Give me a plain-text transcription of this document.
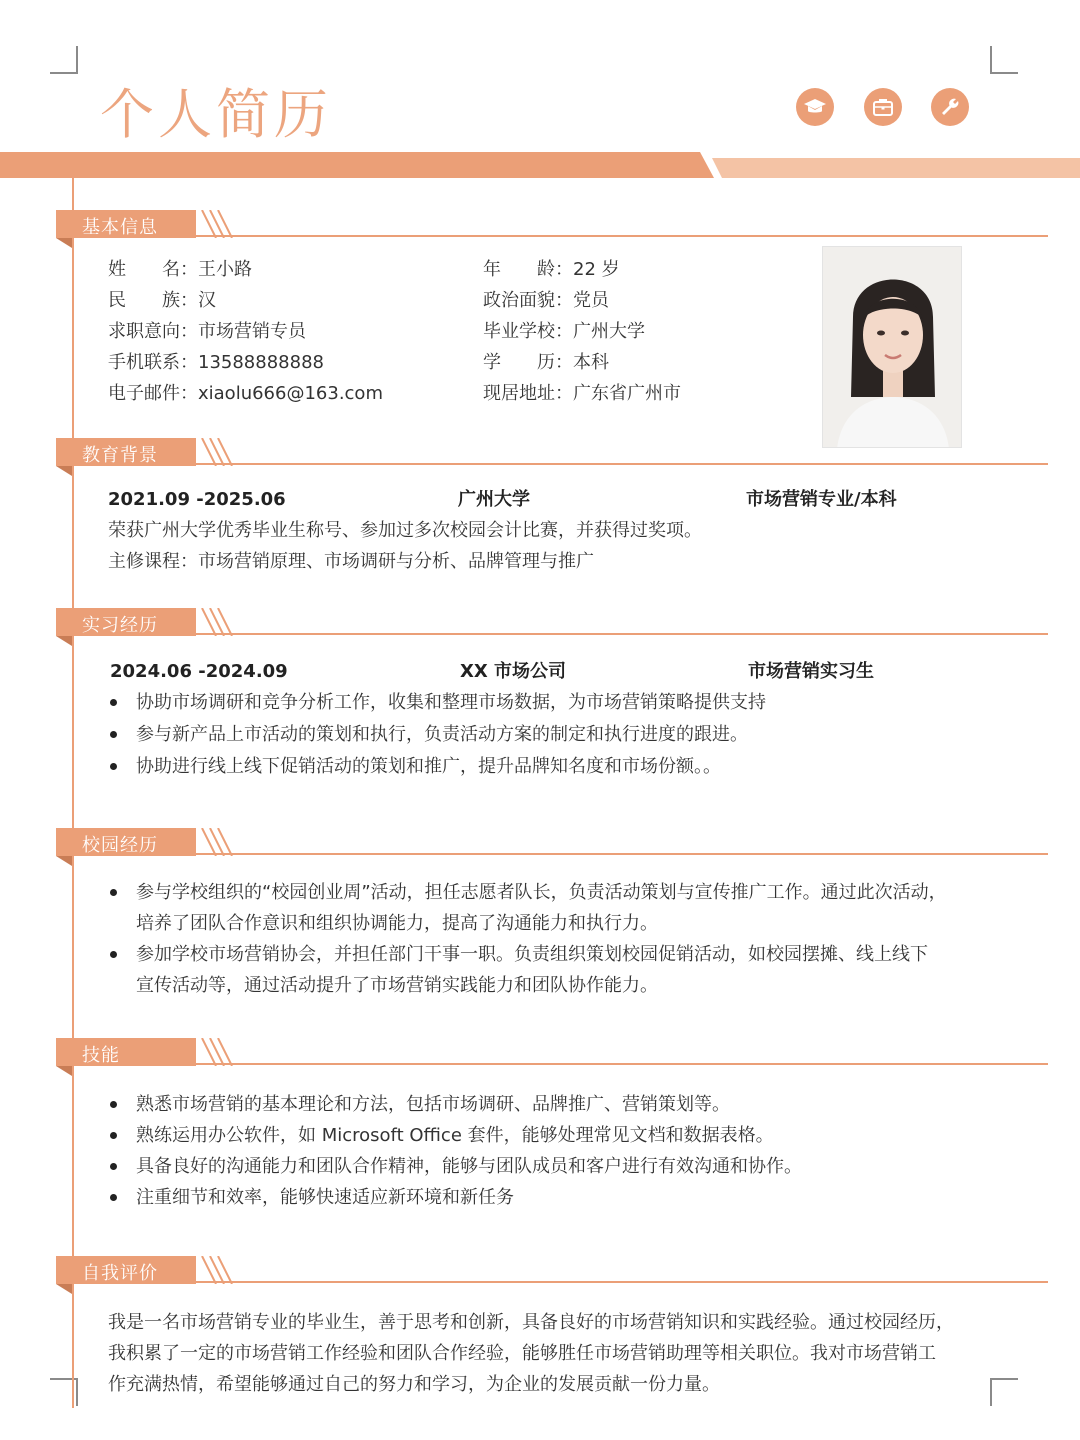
个人简历
基本信息
姓　　名：王小路
民　　族：汉
求职意向：市场营销专员
手机联系：13588888888
电子邮件：xiaolu666@163.com
年　　龄：22 岁
政治面貌：党员
毕业学校：广州大学
学　　历：本科
现居地址：广东省广州市
教育背景
2021.09 -2025.06	广州大学	市场营销专业/本科
荣获广州大学优秀毕业生称号、参加过多次校园会计比赛，并获得过奖项。
主修课程：市场营销原理、市场调研与分析、品牌管理与推广
实习经历
2024.06 -2024.09	XX 市场公司	市场营销实习生
协助市场调研和竞争分析工作，收集和整理市场数据，为市场营销策略提供支持
参与新产品上市活动的策划和执行，负责活动方案的制定和执行进度的跟进。
协助进行线上线下促销活动的策划和推广，提升品牌知名度和市场份额。。
校园经历
参与学校组织的“校园创业周”活动，担任志愿者队长，负责活动策划与宣传推广工作。通过此次活动，
培养了团队合作意识和组织协调能力，提高了沟通能力和执行力。
参加学校市场营销协会，并担任部门干事一职。负责组织策划校园促销活动，如校园摆摊、线上线下
宣传活动等，通过活动提升了市场营销实践能力和团队协作能力。
技能
熟悉市场营销的基本理论和方法，包括市场调研、品牌推广、营销策划等。
熟练运用办公软件，如 Microsoft Office 套件，能够处理常见文档和数据表格。
具备良好的沟通能力和团队合作精神，能够与团队成员和客户进行有效沟通和协作。
注重细节和效率，能够快速适应新环境和新任务
自我评价
我是一名市场营销专业的毕业生，善于思考和创新，具备良好的市场营销知识和实践经验。通过校园经历，
我积累了一定的市场营销工作经验和团队合作经验，能够胜任市场营销助理等相关职位。我对市场营销工
作充满热情，希望能够通过自己的努力和学习，为企业的发展贡献一份力量。
